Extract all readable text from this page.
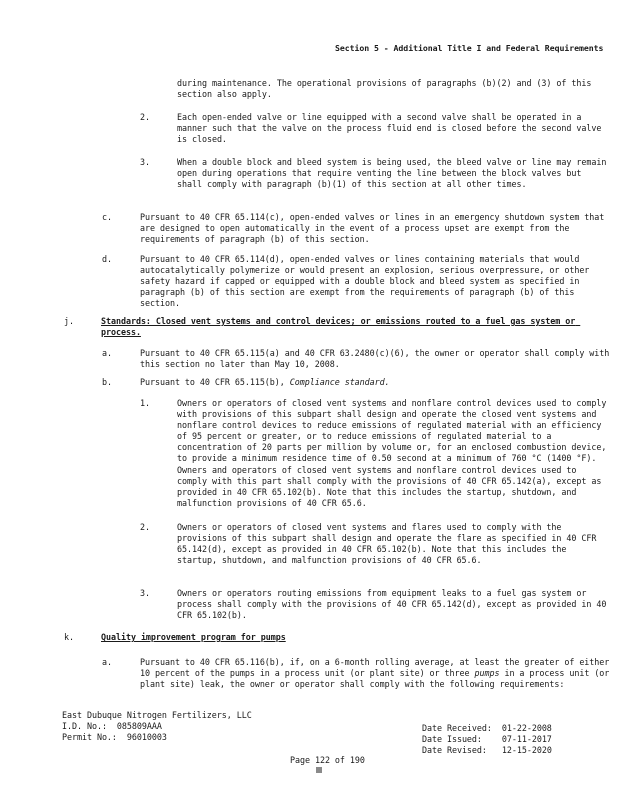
Section 5 - Additional Title I and Federal Requirements
during maintenance. The operational provisions of paragraphs (b)(2) and (3) of this section also apply.
2.	Each open-ended valve or line equipped with a second valve shall be operated in a manner such that the valve on the process fluid end is closed before the second valve is closed.
3.	When a double block and bleed system is being used, the bleed valve or line may remain open during operations that require venting the line between the block valves but shall comply with paragraph (b)(1) of this section at all other times.
c.	Pursuant to 40 CFR 65.114(c), open-ended valves or lines in an emergency shutdown system that are designed to open automatically in the event of a process upset are exempt from the requirements of paragraph (b) of this section.
d.	Pursuant to 40 CFR 65.114(d), open-ended valves or lines containing materials that would autocatalytically polymerize or would present an explosion, serious overpressure, or other safety hazard if capped or equipped with a double block and bleed system as specified in paragraph (b) of this section are exempt from the requirements of paragraph (b) of this section.
j.	Standards: Closed vent systems and control devices; or emissions routed to a fuel gas system or process.
a.	Pursuant to 40 CFR 65.115(a) and 40 CFR 63.2480(c)(6), the owner or operator shall comply with this section no later than May 10, 2008.
b.	Pursuant to 40 CFR 65.115(b), Compliance standard.
1.	Owners or operators of closed vent systems and nonflare control devices used to comply with provisions of this subpart shall design and operate the closed vent systems and nonflare control devices to reduce emissions of regulated material with an efficiency of 95 percent or greater, or to reduce emissions of regulated material to a concentration of 20 parts per million by volume or, for an enclosed combustion device, to provide a minimum residence time of 0.50 second at a minimum of 760 °C (1400 °F). Owners and operators of closed vent systems and nonflare control devices used to comply with this part shall comply with the provisions of 40 CFR 65.142(a), except as provided in 40 CFR 65.102(b). Note that this includes the startup, shutdown, and malfunction provisions of 40 CFR 65.6.
2.	Owners or operators of closed vent systems and flares used to comply with the provisions of this subpart shall design and operate the flare as specified in 40 CFR 65.142(d), except as provided in 40 CFR 65.102(b). Note that this includes the startup, shutdown, and malfunction provisions of 40 CFR 65.6.
3.	Owners or operators routing emissions from equipment leaks to a fuel gas system or process shall comply with the provisions of 40 CFR 65.142(d), except as provided in 40 CFR 65.102(b).
k.	Quality improvement program for pumps
a.	Pursuant to 40 CFR 65.116(b), if, on a 6-month rolling average, at least the greater of either 10 percent of the pumps in a process unit (or plant site) or three pumps in a process unit (or plant site) leak, the owner or operator shall comply with the following requirements:
East Dubuque Nitrogen Fertilizers, LLC
I.D. No.: 085809AAA
Permit No.: 96010003
Date Received: 01-22-2008
Date Issued: 07-11-2017
Date Revised: 12-15-2020
Page 122 of 190
